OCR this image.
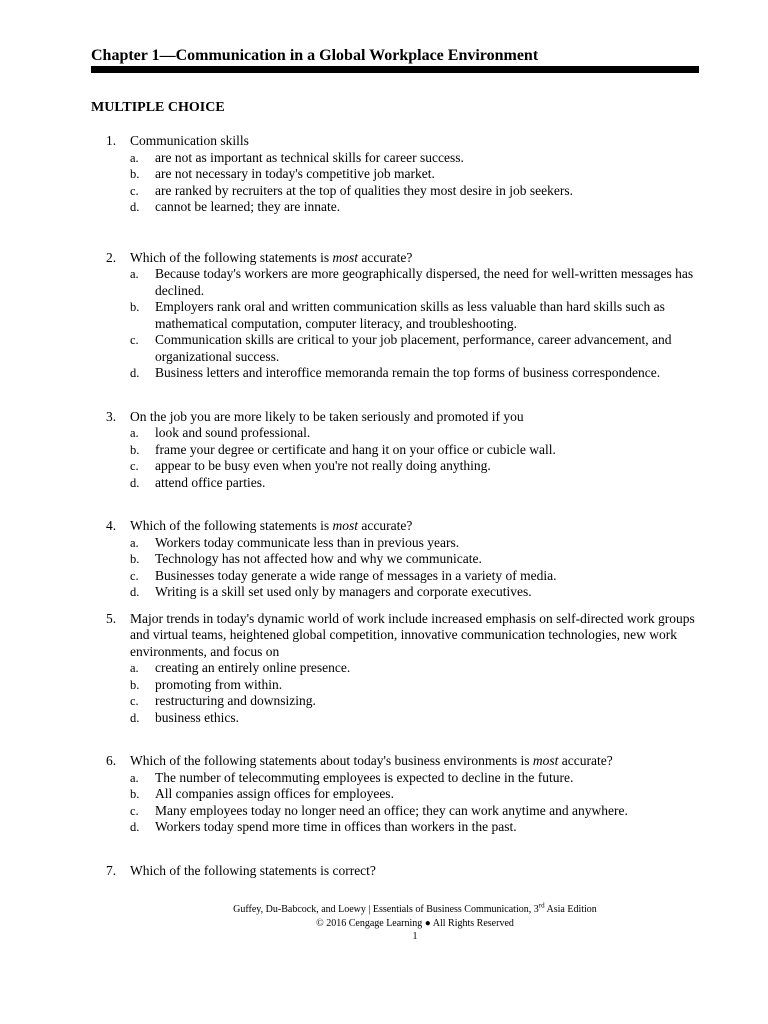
Chapter 1—Communication in a Global Workplace Environment
MULTIPLE CHOICE
1. Communication skills

a. are not as important as technical skills for career success.
b. are not necessary in today's competitive job market.
c. are ranked by recruiters at the top of qualities they most desire in job seekers.
d. cannot be learned; they are innate.
2. Which of the following statements is most accurate?

a. Because today's workers are more geographically dispersed, the need for well-written messages has declined.
b. Employers rank oral and written communication skills as less valuable than hard skills such as mathematical computation, computer literacy, and troubleshooting.
c. Communication skills are critical to your job placement, performance, career advancement, and organizational success.
d. Business letters and interoffice memoranda remain the top forms of business correspondence.
3. On the job you are more likely to be taken seriously and promoted if you

a. look and sound professional.
b. frame your degree or certificate and hang it on your office or cubicle wall.
c. appear to be busy even when you're not really doing anything.
d. attend office parties.
4. Which of the following statements is most accurate?

a. Workers today communicate less than in previous years.
b. Technology has not affected how and why we communicate.
c. Businesses today generate a wide range of messages in a variety of media.
d. Writing is a skill set used only by managers and corporate executives.
5. Major trends in today's dynamic world of work include increased emphasis on self-directed work groups and virtual teams, heightened global competition, innovative communication technologies, new work environments, and focus on

a. creating an entirely online presence.
b. promoting from within.
c. restructuring and downsizing.
d. business ethics.
6. Which of the following statements about today's business environments is most accurate?

a. The number of telecommuting employees is expected to decline in the future.
b. All companies assign offices for employees.
c. Many employees today no longer need an office; they can work anytime and anywhere.
d. Workers today spend more time in offices than workers in the past.
7. Which of the following statements is correct?

Guffey, Du-Babcock, and Loewy | Essentials of Business Communication, 3rd Asia Edition
© 2016 Cengage Learning ● All Rights Reserved
1
